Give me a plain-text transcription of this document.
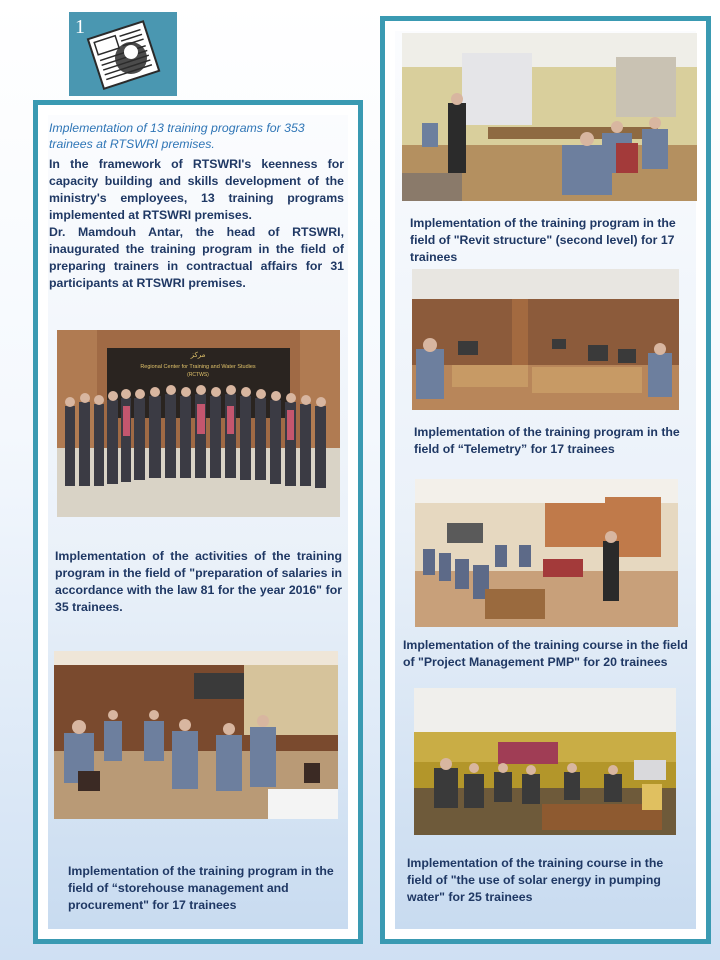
1

Implementation of 13 training programs for 353 trainees at RTSWRI premises.

In the framework of RTSWRI's keenness for capacity building and skills development of the ministry's employees, 13 training programs implemented at RTSWRI premises.
Dr. Mamdouh Antar, the head of RTSWRI, inaugurated the training program in the field of preparing trainers in contractual affairs for 31 participants at RTSWRI premises.
مركز
Regional Center for Training and Water Studies
(RCTWS)

Implementation of the activities of the training program in the field of "preparation of salaries in accordance with the law 81 for the year 2016" for 35 trainees.

Implementation of the training program in the field of “storehouse management and procurement" for 17 trainees

Implementation of the training program in the field of "Revit structure" (second level) for 17 trainees

Implementation of the training program in the field of “Telemetry” for 17 trainees

Implementation of the training course in the field of "Project Management PMP" for 20 trainees

Implementation of the training course in the field of "the use of solar energy in pumping water" for 25 trainees
